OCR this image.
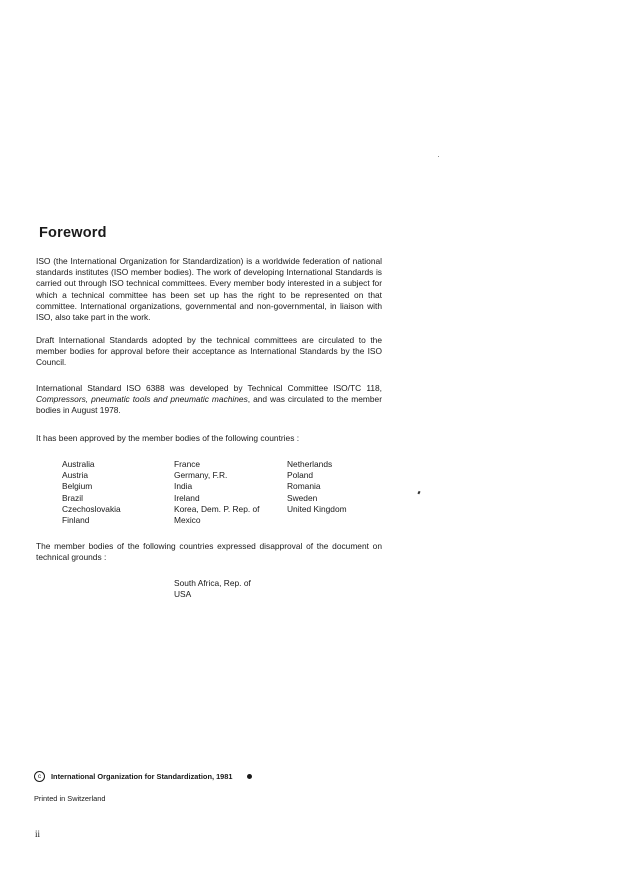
Foreword

ISO (the International Organization for Standardization) is a worldwide federation of national standards institutes (ISO member bodies). The work of developing International Standards is carried out through ISO technical committees. Every member body interested in a subject for which a technical committee has been set up has the right to be represented on that committee. International organizations, governmental and non-governmental, in liaison with ISO, also take part in the work.

Draft International Standards adopted by the technical committees are circulated to the member bodies for approval before their acceptance as International Standards by the ISO Council.

International Standard ISO 6388 was developed by Technical Committee ISO/TC 118, Compressors, pneumatic tools and pneumatic machines, and was circulated to the member bodies in August 1978.

It has been approved by the member bodies of the following countries :

Australia
Austria
Belgium
Brazil
Czechoslovakia
Finland
France
Germany, F.R.
India
Ireland
Korea, Dem. P. Rep. of
Mexico
Netherlands
Poland
Romania
Sweden
United Kingdom

The member bodies of the following countries expressed disapproval of the document on technical grounds :

South Africa, Rep. of
USA
c	International Organization for Standardization, 1981
Printed in Switzerland
ii
